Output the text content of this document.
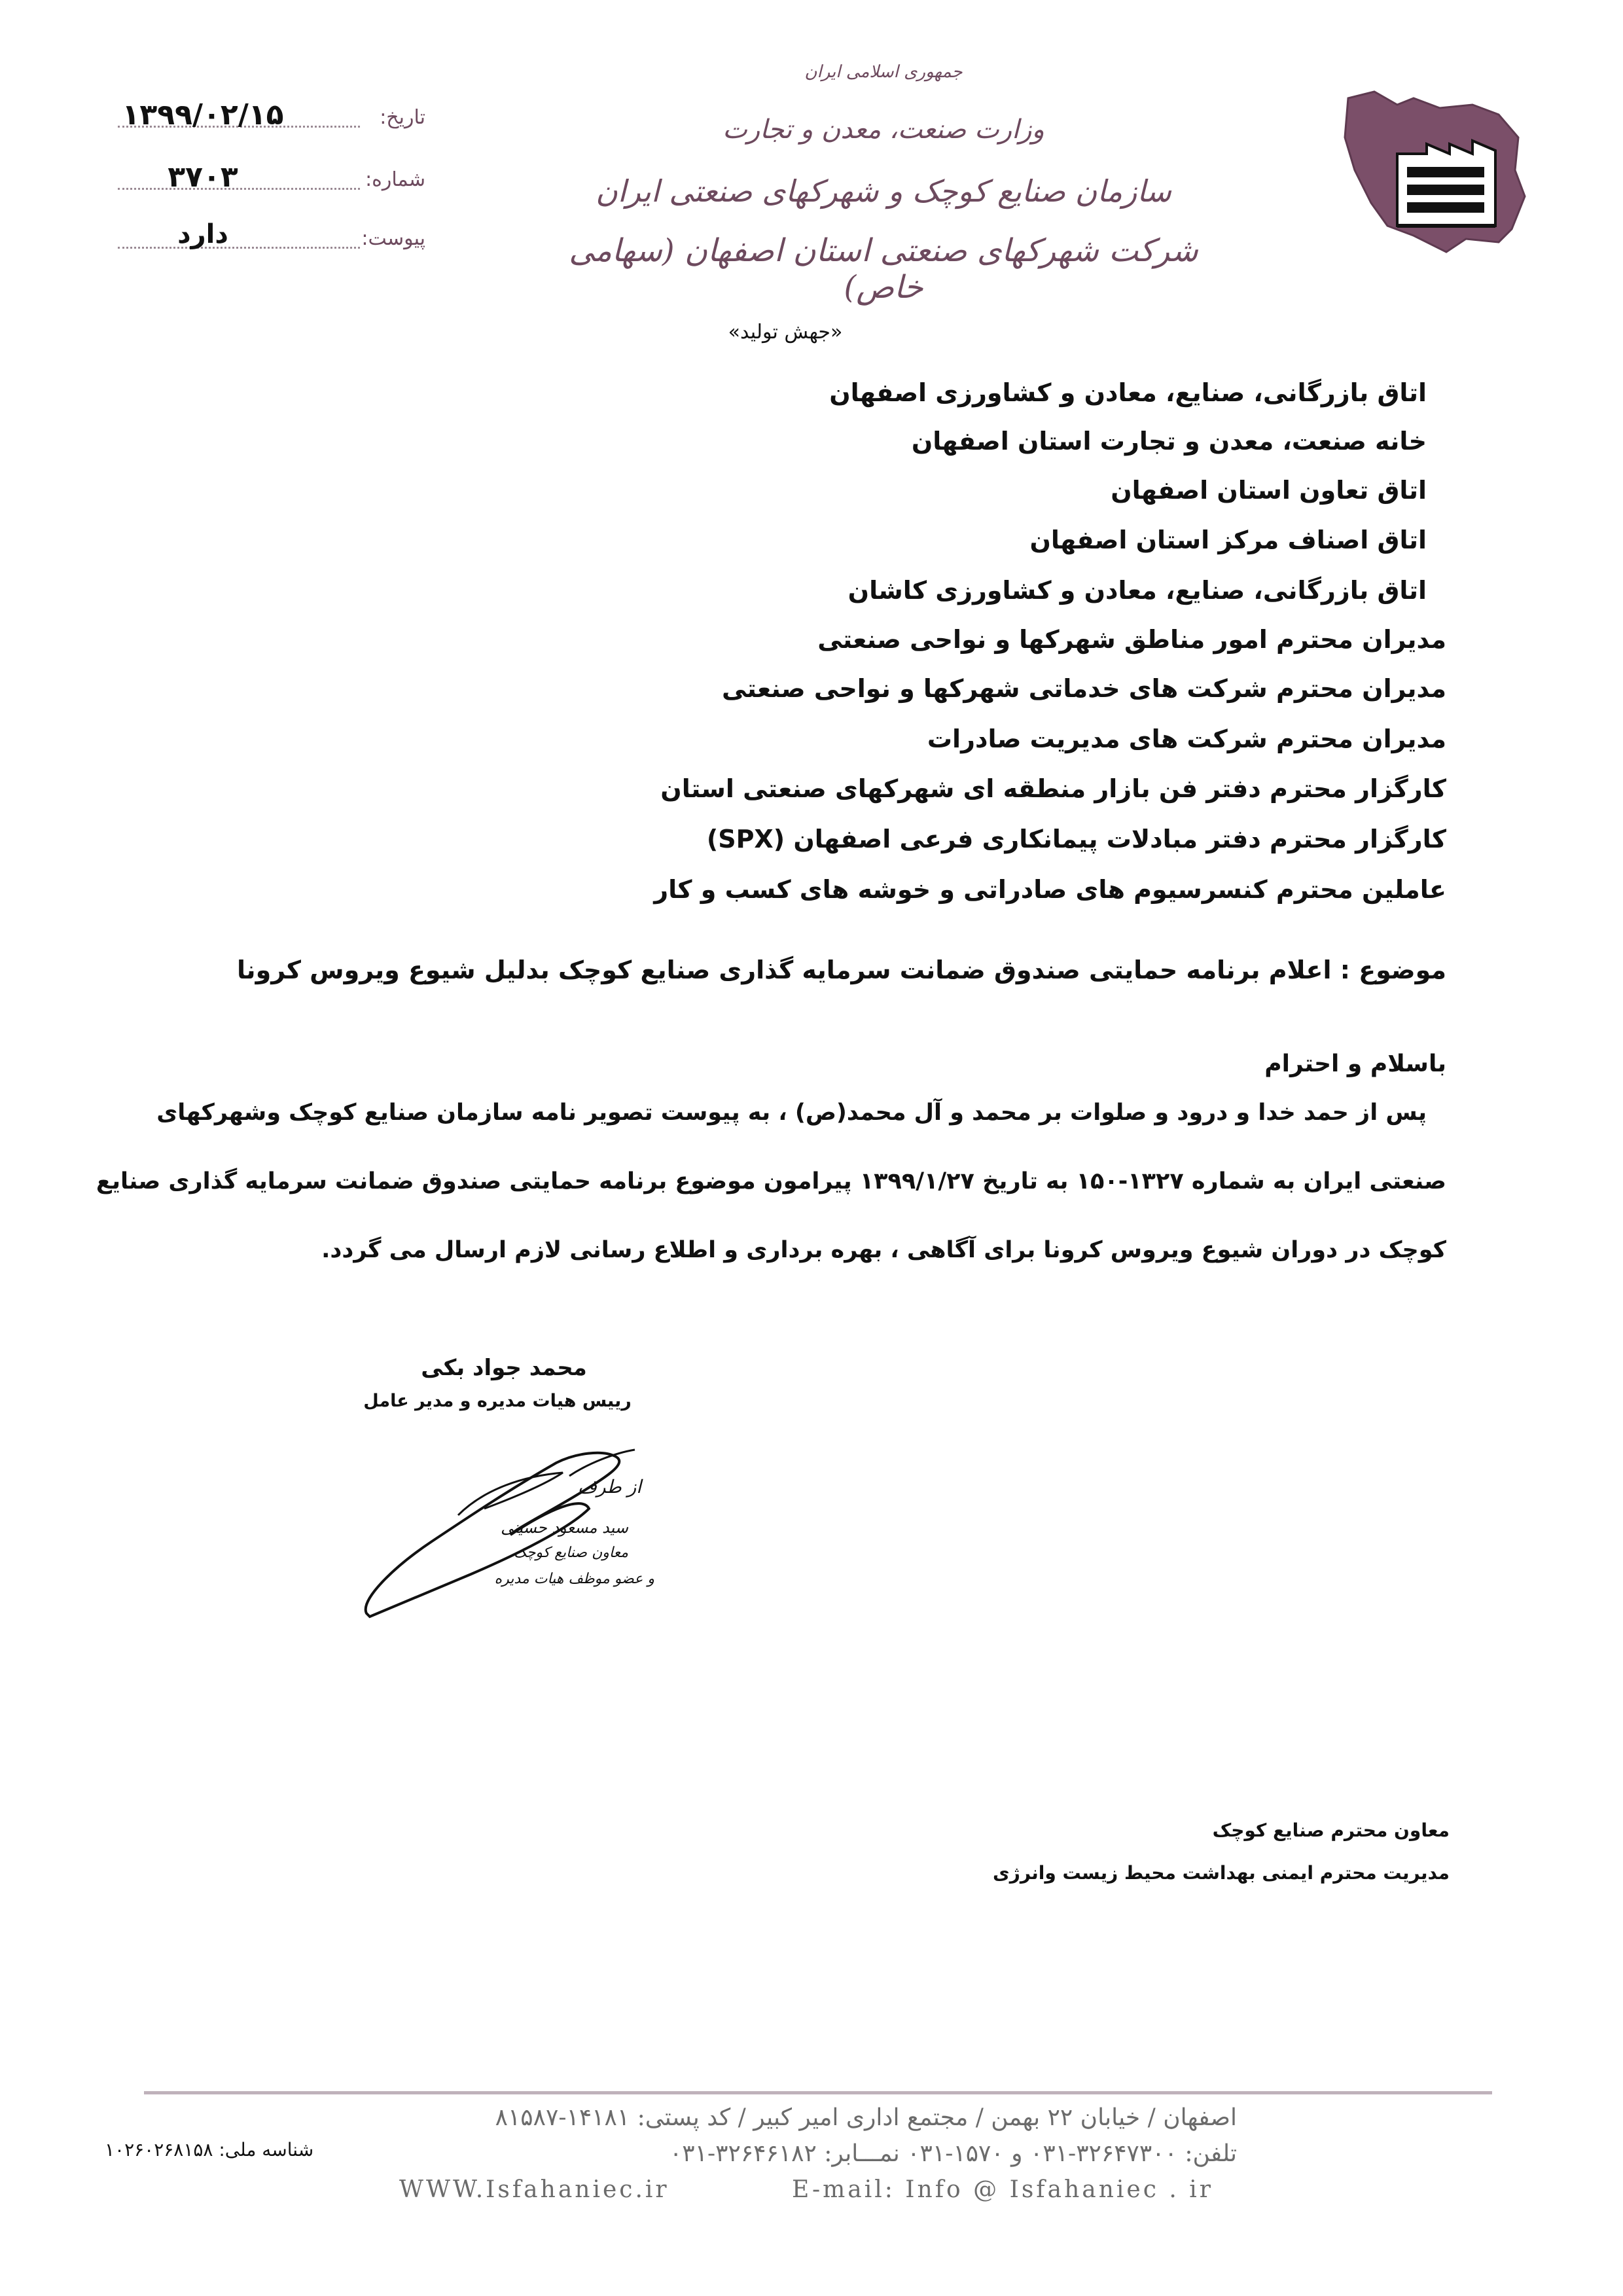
تاریخ:
۱۳۹۹/۰۲/۱۵
شماره:
۳۷۰۳
پیوست:
دارد
جمهوری اسلامی ایران
وزارت صنعت، معدن و تجارت
سازمان صنایع کوچک و شهرکهای صنعتی ایران
شرکت شهرکهای صنعتی استان اصفهان (سهامی خاص)
«جهش تولید»
اتاق بازرگانی، صنایع، معادن و کشاورزی اصفهان
خانه صنعت، معدن و تجارت استان اصفهان
اتاق تعاون استان اصفهان
اتاق اصناف مرکز استان اصفهان
اتاق بازرگانی، صنایع، معادن و کشاورزی کاشان
مدیران محترم امور مناطق شهرکها و نواحی صنعتی
مدیران محترم شرکت های خدماتی شهرکها و نواحی صنعتی
مدیران محترم شرکت های مدیریت صادرات
کارگزار محترم دفتر فن بازار منطقه ای شهرکهای صنعتی استان
کارگزار محترم دفتر مبادلات پیمانکاری فرعی اصفهان (SPX)
عاملین محترم کنسرسیوم های صادراتی و خوشه های کسب و کار
موضوع : اعلام برنامه حمایتی صندوق ضمانت سرمایه گذاری صنایع کوچک بدلیل شیوع ویروس کرونا
باسلام و احترام
پس از حمد خدا و درود و صلوات بر محمد و آل محمد(ص) ، به پیوست تصویر نامه سازمان صنایع کوچک وشهرکهای
صنعتی ایران به شماره ۱۳۲۷-۱۵۰ به تاریخ ۱۳۹۹/۱/۲۷ پیرامون موضوع برنامه حمایتی صندوق ضمانت سرمایه گذاری صنایع
کوچک در دوران شیوع ویروس کرونا برای آگاهی ، بهره برداری و اطلاع رسانی لازم ارسال می گردد.
محمد جواد بکی
رییس هیات مدیره و مدیر عامل
از طرف
سید مسعود حسینی
معاون صنایع کوچک
و عضو موظف هیات مدیره
معاون محترم صنایع کوچک
مدیریت محترم ایمنی بهداشت محیط زیست وانرژی
اصفهان / خیابان ۲۲ بهمن / مجتمع اداری امیر کبیر / کد پستی: ۱۴۱۸۱-۸۱۵۸۷
تلفن: ۳۲۶۴۷۳۰۰-۰۳۱ و ۱۵۷۰-۰۳۱ نمـــابر: ۳۲۶۴۶۱۸۲-۰۳۱
WWW.Isfahaniec.ir	E-mail: Info @ Isfahaniec . ir
شناسه ملی: ۱۰۲۶۰۲۶۸۱۵۸
